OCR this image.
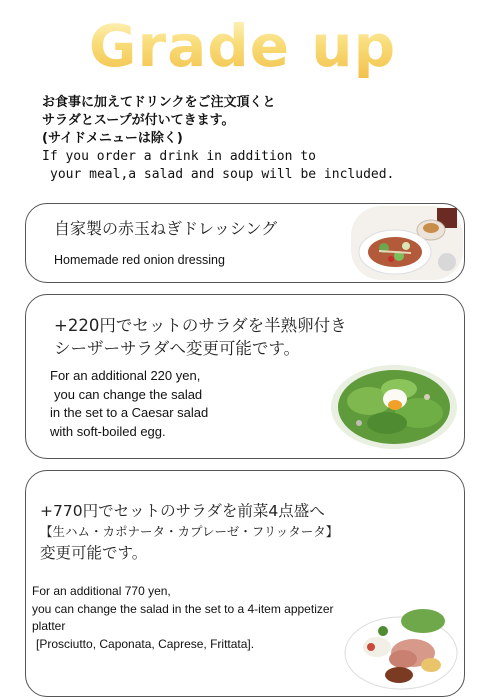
Grade up
お食事に加えてドリンクをご注文頂くと
サラダとスープが付いてきます。
(サイドメニューは除く)
If you order a drink in addition to
your meal,a salad and soup will be included.
自家製の赤玉ねぎドレッシング
Homemade red onion dressing
+220円でセットのサラダを半熟卵付き
シーザーサラダへ変更可能です。
For an additional 220 yen,
you can change the salad
in the set to a Caesar salad
with soft-boiled egg.
+770円でセットのサラダを前菜4点盛へ
【生ハム・カポナータ・カプレーゼ・フリッタータ】
変更可能です。
For an additional 770 yen,
you can change the salad in the set to a 4-item appetizer
platter
[Prosciutto, Caponata, Caprese, Frittata].
